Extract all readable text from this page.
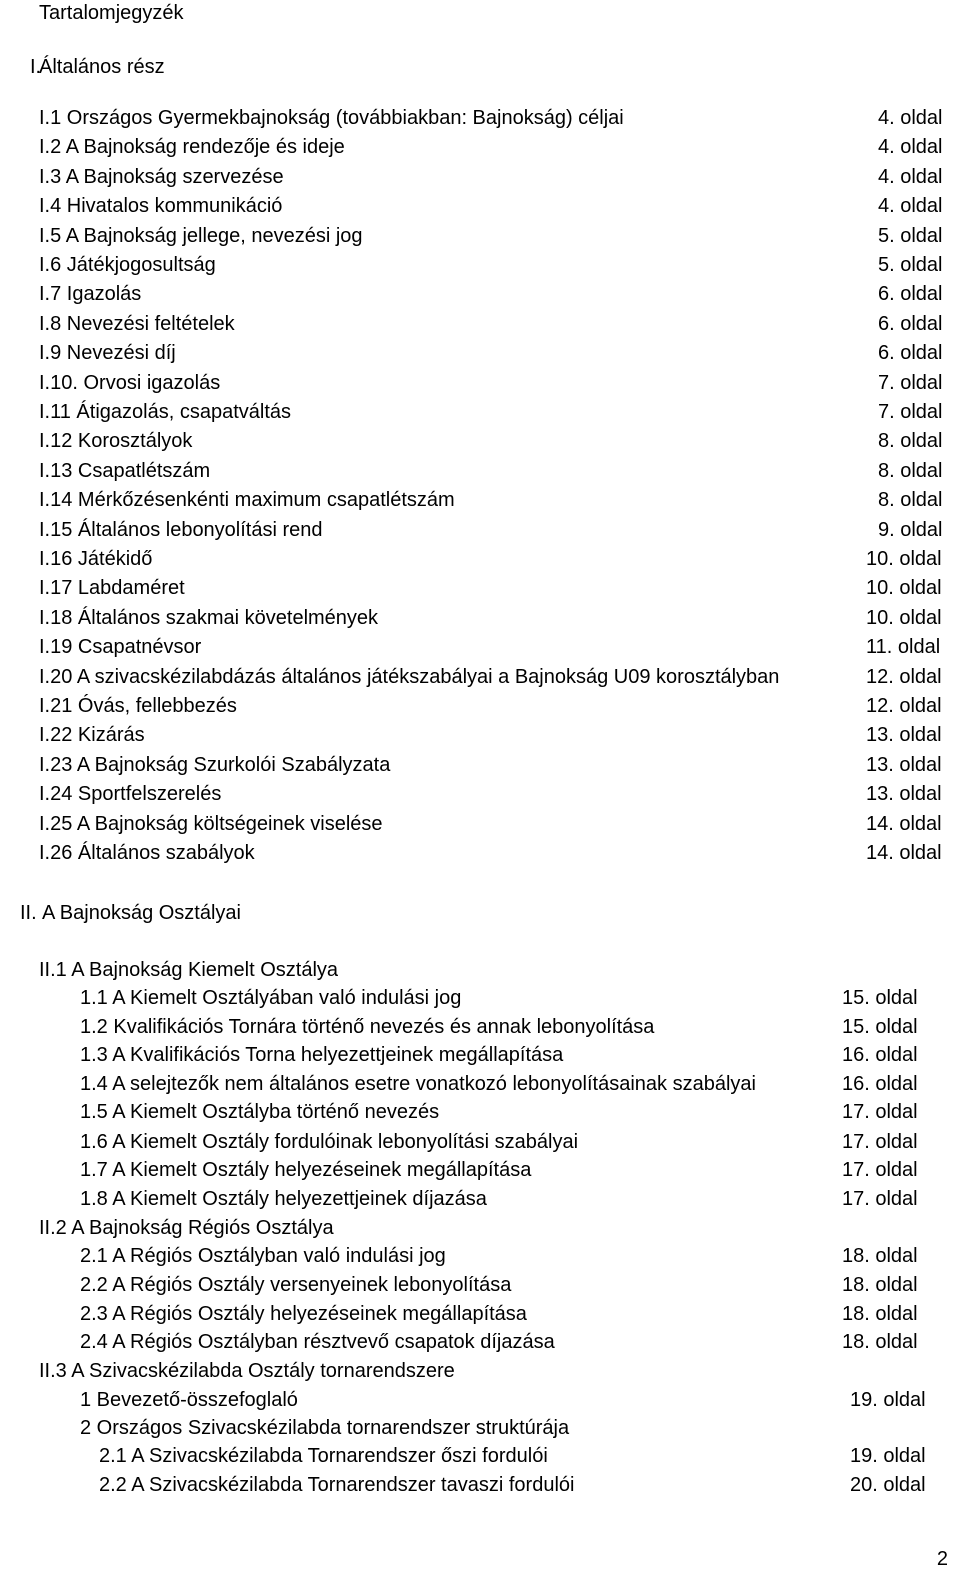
Tartalomjegyzék
I.
Általános rész
II. A Bajnokság Osztályai
I.1 Országos Gyermekbajnokság (továbbiakban: Bajnokság) céljai	4. oldal
I.2 A Bajnokság rendezője és ideje	4. oldal
I.3 A Bajnokság szervezése	4. oldal
I.4 Hivatalos kommunikáció	4. oldal
I.5 A Bajnokság jellege, nevezési jog	5. oldal
I.6 Játékjogosultság	5. oldal
I.7 Igazolás	6. oldal
I.8 Nevezési feltételek	6. oldal
I.9 Nevezési díj	6. oldal
I.10. Orvosi igazolás	7. oldal
I.11 Átigazolás, csapatváltás	7. oldal
I.12 Korosztályok	8. oldal
I.13 Csapatlétszám	8. oldal
I.14 Mérkőzésenkénti maximum csapatlétszám	8. oldal
I.15 Általános lebonyolítási rend	9. oldal
I.16 Játékidő	10. oldal
I.17 Labdaméret	10. oldal
I.18 Általános szakmai követelmények	10. oldal
I.19 Csapatnévsor	11. oldal
I.20 A szivacskézilabdázás általános játékszabályai a Bajnokság U09 korosztályban	12. oldal
I.21 Óvás, fellebbezés	12. oldal
I.22 Kizárás	13. oldal
I.23 A Bajnokság Szurkolói Szabályzata	13. oldal
I.24 Sportfelszerelés	13. oldal
I.25 A Bajnokság költségeinek viselése	14. oldal
I.26 Általános szabályok	14. oldal
II.1 A Bajnokság Kiemelt Osztálya
1.1 A Kiemelt Osztályában való indulási jog	15. oldal
1.2 Kvalifikációs Tornára történő nevezés és annak lebonyolítása	15. oldal
1.3 A Kvalifikációs Torna helyezettjeinek megállapítása	16. oldal
1.4 A selejtezők nem általános esetre vonatkozó lebonyolításainak szabályai	16. oldal
1.5 A Kiemelt Osztályba történő nevezés	17. oldal
1.6 A Kiemelt Osztály fordulóinak lebonyolítási szabályai	17. oldal
1.7 A Kiemelt Osztály helyezéseinek megállapítása	17. oldal
1.8 A Kiemelt Osztály helyezettjeinek díjazása	17. oldal
II.2 A Bajnokság Régiós Osztálya
2.1 A Régiós Osztályban való indulási jog	18. oldal
2.2 A Régiós Osztály versenyeinek lebonyolítása	18. oldal
2.3 A Régiós Osztály helyezéseinek megállapítása	18. oldal
2.4 A Régiós Osztályban résztvevő csapatok díjazása	18. oldal
II.3 A Szivacskézilabda Osztály tornarendszere
1 Bevezető-összefoglaló	19. oldal
2 Országos Szivacskézilabda tornarendszer struktúrája
2.1 A Szivacskézilabda Tornarendszer őszi fordulói	19. oldal
2.2 A Szivacskézilabda Tornarendszer tavaszi fordulói	20. oldal
2
